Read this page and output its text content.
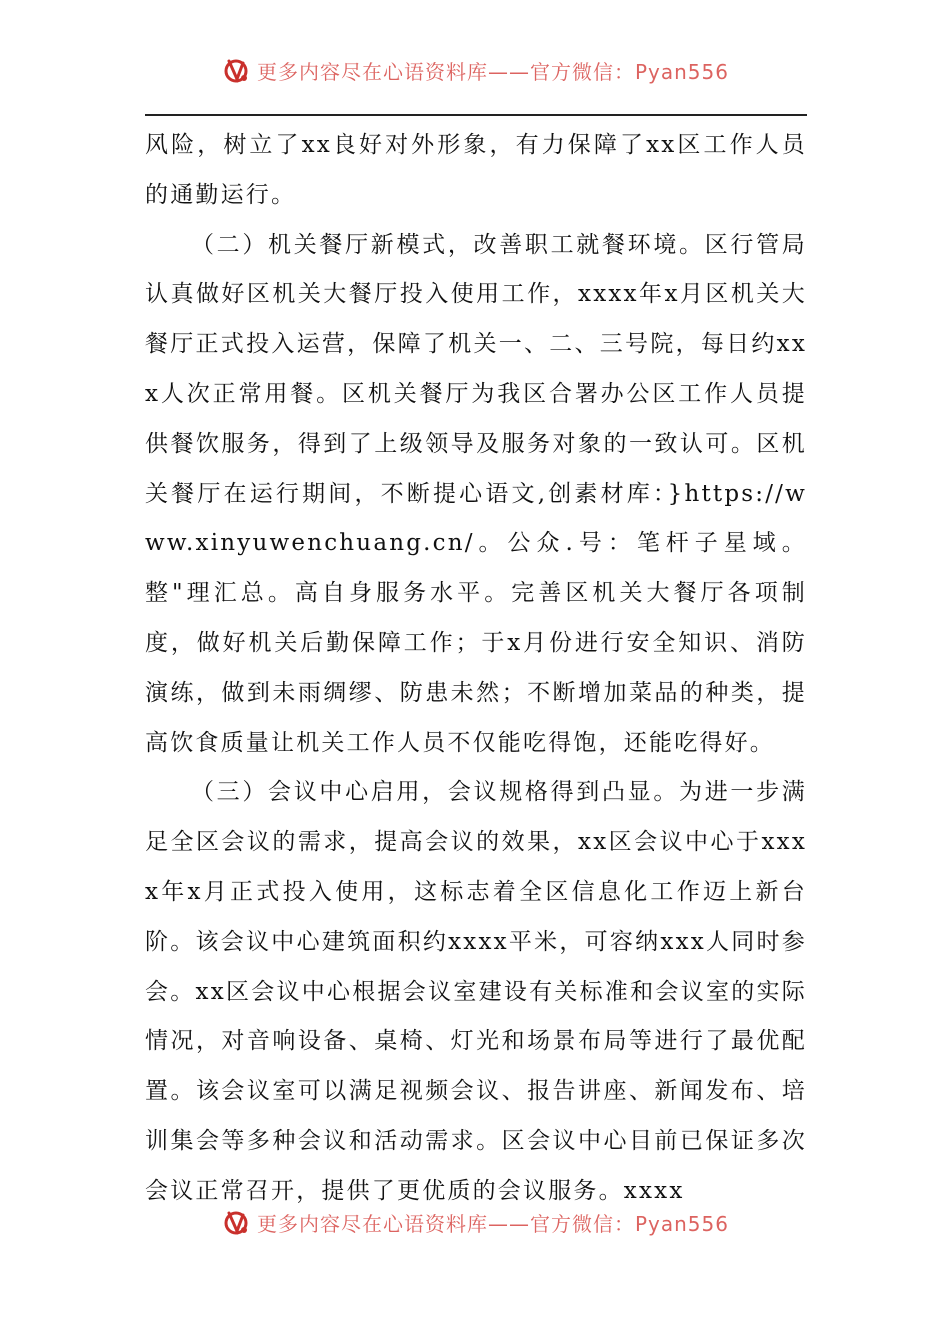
更多内容尽在心语资料库——官方微信：Pyan556

风险，树立了xx良好对外形象，有力保障了xx区工作人员的通勤运行。

（二）机关餐厅新模式，改善职工就餐环境。区行管局认真做好区机关大餐厅投入使用工作，xxxx年x月区机关大餐厅正式投入运营，保障了机关一、二、三号院，每日约xxx人次正常用餐。区机关餐厅为我区合署办公区工作人员提供餐饮服务，得到了上级领导及服务对象的一致认可。区机关餐厅在运行期间，不断提心语文,创素材库：}https://www.xinyuwenchuang.cn/。公众.号：笔杆子星域。整"理汇总。高自身服务水平。完善区机关大餐厅各项制度，做好机关后勤保障工作；于x月份进行安全知识、消防演练，做到未雨绸缪、防患未然；不断增加菜品的种类，提高饮食质量让机关工作人员不仅能吃得饱，还能吃得好。

（三）会议中心启用，会议规格得到凸显。为进一步满足全区会议的需求，提高会议的效果，xx区会议中心于xxxx年x月正式投入使用，这标志着全区信息化工作迈上新台阶。该会议中心建筑面积约xxxx平米，可容纳xxx人同时参会。xx区会议中心根据会议室建设有关标准和会议室的实际情况，对音响设备、桌椅、灯光和场景布局等进行了最优配置。该会议室可以满足视频会议、报告讲座、新闻发布、培训集会等多种会议和活动需求。区会议中心目前已保证多次会议正常召开，提供了更优质的会议服务。xxxx

更多内容尽在心语资料库——官方微信：Pyan556
